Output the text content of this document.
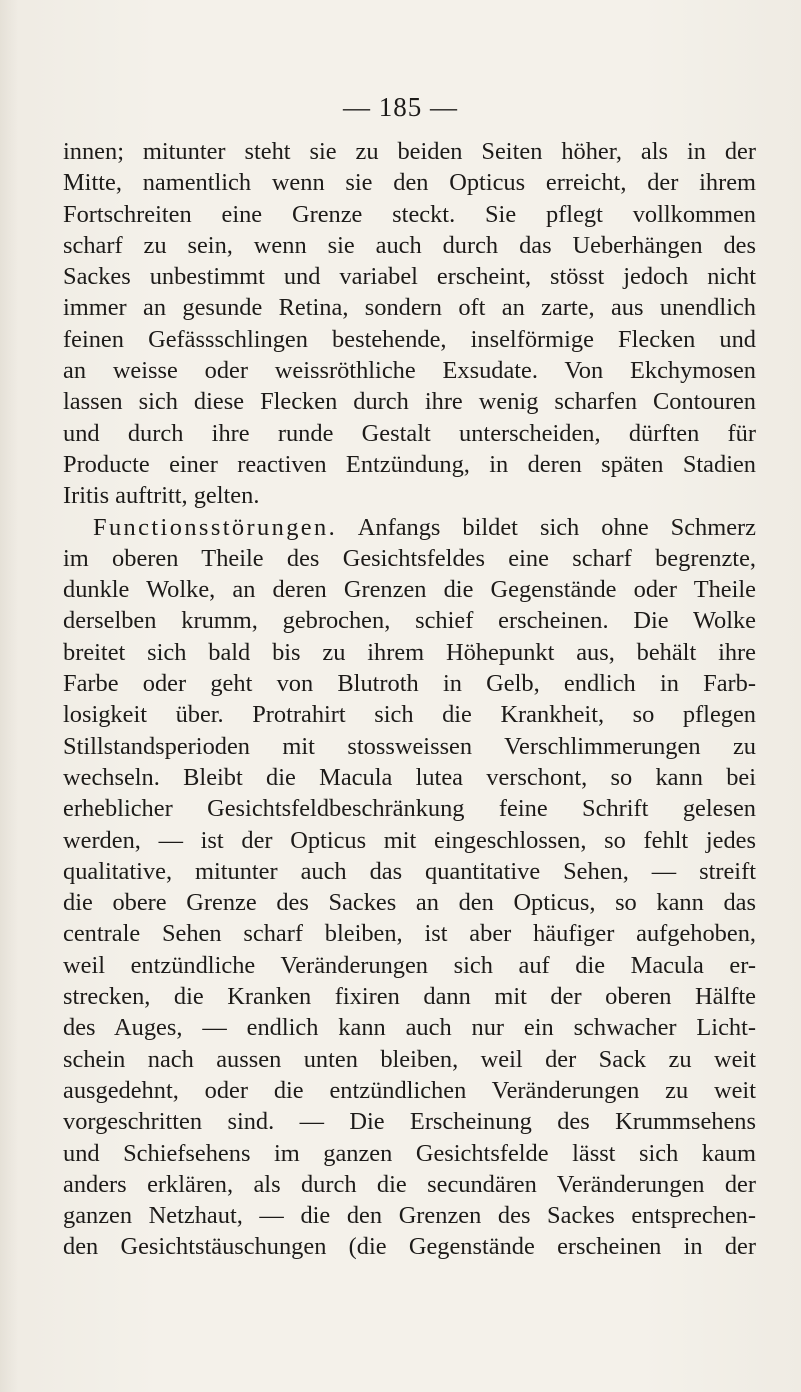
— 185 —
innen; mitunter steht sie zu beiden Seiten höher, als in der
Mitte, namentlich wenn sie den Opticus erreicht, der ihrem
Fortschreiten eine Grenze steckt. Sie pflegt vollkommen
scharf zu sein, wenn sie auch durch das Ueberhängen des
Sackes unbestimmt und variabel erscheint, stösst jedoch nicht
immer an gesunde Retina, sondern oft an zarte, aus unendlich
feinen Gefässschlingen bestehende, inselförmige Flecken und
an weisse oder weissröthliche Exsudate. Von Ekchymosen
lassen sich diese Flecken durch ihre wenig scharfen Contouren
und durch ihre runde Gestalt unterscheiden, dürften für
Producte einer reactiven Entzündung, in deren späten Stadien
Iritis auftritt, gelten.
Functionsstörungen. Anfangs bildet sich ohne Schmerz
im oberen Theile des Gesichtsfeldes eine scharf begrenzte,
dunkle Wolke, an deren Grenzen die Gegenstände oder Theile
derselben krumm, gebrochen, schief erscheinen. Die Wolke
breitet sich bald bis zu ihrem Höhepunkt aus, behält ihre
Farbe oder geht von Blutroth in Gelb, endlich in Farb-
losigkeit über. Protrahirt sich die Krankheit, so pflegen
Stillstandsperioden mit stossweissen Verschlimmerungen zu
wechseln. Bleibt die Macula lutea verschont, so kann bei
erheblicher Gesichtsfeldbeschränkung feine Schrift gelesen
werden, — ist der Opticus mit eingeschlossen, so fehlt jedes
qualitative, mitunter auch das quantitative Sehen, — streift
die obere Grenze des Sackes an den Opticus, so kann das
centrale Sehen scharf bleiben, ist aber häufiger aufgehoben,
weil entzündliche Veränderungen sich auf die Macula er-
strecken, die Kranken fixiren dann mit der oberen Hälfte
des Auges, — endlich kann auch nur ein schwacher Licht-
schein nach aussen unten bleiben, weil der Sack zu weit
ausgedehnt, oder die entzündlichen Veränderungen zu weit
vorgeschritten sind. — Die Erscheinung des Krummsehens
und Schiefsehens im ganzen Gesichtsfelde lässt sich kaum
anders erklären, als durch die secundären Veränderungen der
ganzen Netzhaut, — die den Grenzen des Sackes entsprechen-
den Gesichtstäuschungen (die Gegenstände erscheinen in der
